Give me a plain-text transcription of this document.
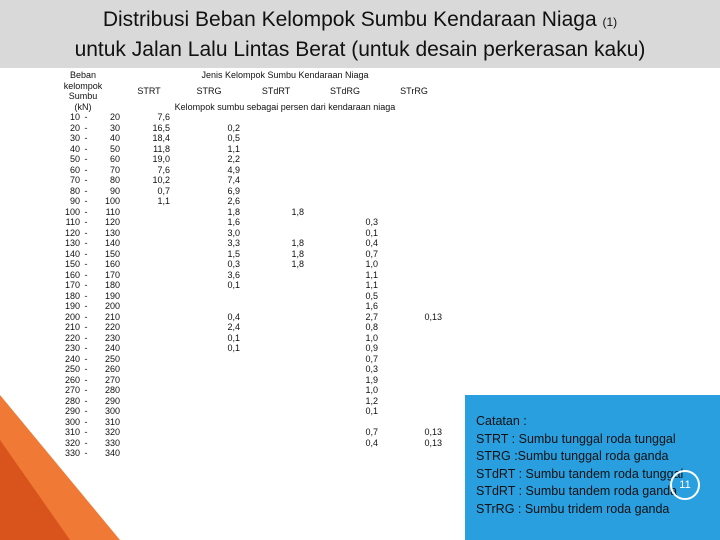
Distribusi Beban Kelompok Sumbu Kendaraan Niaga (1)
untuk Jalan Lalu Lintas Berat (untuk desain perkerasan kaku)
Beban			Jenis Kelompok Sumbu Kendaraan Niaga				
kelompok			STRT	STRG	STdRT	STdRG	STrRG
Sumbu							
(kN)			Kelompok sumbu sebagai persen dari kendaraan niaga				
10	-	20	7,6				
20	-	30	16,5	0,2			
30	-	40	18,4	0,5			
40	-	50	11,8	1,1			
50	-	60	19,0	2,2			
60	-	70	7,6	4,9			
70	-	80	10,2	7,4			
80	-	90	0,7	6,9			
90	-	100	1,1	2,6			
100	-	110		1,8	1,8		
110	-	120		1,6		0,3	
120	-	130		3,0		0,1	
130	-	140		3,3	1,8	0,4	
140	-	150		1,5	1,8	0,7	
150	-	160		0,3	1,8	1,0	
160	-	170		3,6		1,1	
170	-	180		0,1		1,1	
180	-	190				0,5	
190	-	200				1,6	
200	-	210		0,4		2,7	0,13
210	-	220		2,4		0,8	
220	-	230		0,1		1,0	
230	-	240		0,1		0,9	
240	-	250				0,7	
250	-	260				0,3	
260	-	270				1,9	
270	-	280				1,0	
280	-	290				1,2	
290	-	300				0,1	
300	-	310					
310	-	320				0,7	0,13
320	-	330				0,4	0,13
330	-	340					
Catatan :
STRT : Sumbu tunggal roda tunggal
STRG :Sumbu tunggal roda ganda
STdRT : Sumbu tandem roda tunggal
STdRT : Sumbu tandem roda ganda
STrRG : Sumbu tridem roda ganda
11
